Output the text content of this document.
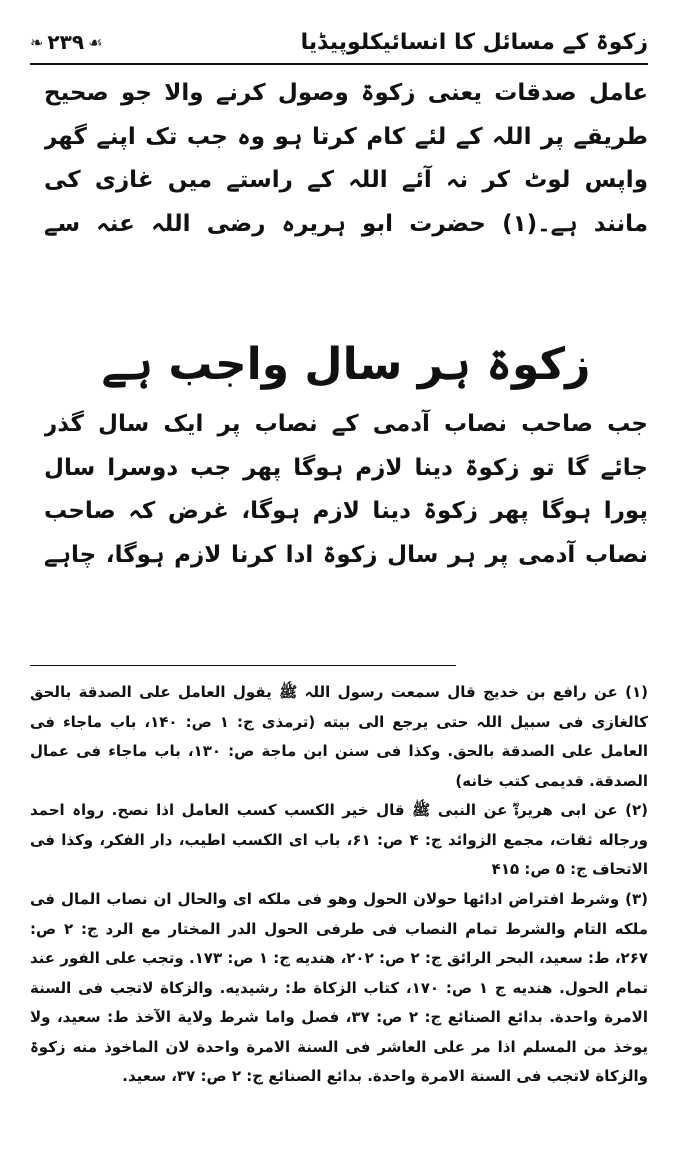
زکوۃ کے مسائل کا انسائیکلوپیڈیا
❧ ۲۳۹ ☙

عامل صدقات یعنی زکوۃ وصول کرنے والا جو صحیح طریقے پر اللہ کے لئے کام کرتا ہو وہ جب تک اپنے گھر واپس لوٹ کر نہ آئے اللہ کے راستے میں غازی کی مانند ہے۔(۱) حضرت ابو ہریرہ رضی اللہ عنہ سے

زکوۃ ہر سال واجب ہے

جب صاحب نصاب آدمی کے نصاب پر ایک سال گذر جائے گا تو زکوۃ دینا لازم ہوگا پھر جب دوسرا سال پورا ہوگا پھر زکوۃ دینا لازم ہوگا، غرض کہ صاحب نصاب آدمی پر ہر سال زکوۃ ادا کرنا لازم ہوگا، چاہے

(۱) عن رافع بن خدیج قال سمعت رسول اللہ ﷺ یقول العامل علی الصدقة بالحق کالغازی فی سبیل اللہ حتی یرجع الی بیته (ترمذی ج: ۱ ص: ۱۴۰، باب ماجاء فی العامل علی الصدقة بالحق. وکذا فی سنن ابن ماجة ص: ۱۳۰، باب ماجاء فی عمال الصدقة. قدیمی کتب خانه)

(۲) عن ابی هریرۃؓ عن النبی ﷺ قال خیر الکسب کسب العامل اذا نصح. رواہ احمد ورجاله ثقات، مجمع الزوائد ج: ۴ ص: ۶۱، باب ای الکسب اطیب، دار الفکر، وکذا فی الاتحاف ج: ۵ ص: ۴۱۵

(۳) وشرط افتراض ادائها حولان الحول وهو فی ملکه ای والحال ان نصاب المال فی ملکه التام والشرط تمام النصاب فی طرفی الحول الدر المختار مع الرد ج: ۲ ص: ۲۶۷، ط: سعید، البحر الرائق ج: ۲ ص: ۲۰۲، هندیه ج: ۱ ص: ۱۷۳. وتجب علی الفور عند تمام الحول. هندیه ج ۱ ص: ۱۷۰، کتاب الزکاة ط: رشیدیه. والزکاة لاتجب فی السنة الامرة واحدة. بدائع الصنائع ج: ۲ ص: ۳۷، فصل واما شرط ولایة الآخذ ط: سعید، ولا یوخذ من المسلم اذا مر علی العاشر فی السنة الامرة واحدة لان الماخوذ منه زکوۃ والزکاة لاتجب فی السنة الامرة واحدة. بدائع الصنائع ج: ۲ ص: ۳۷، سعید.
